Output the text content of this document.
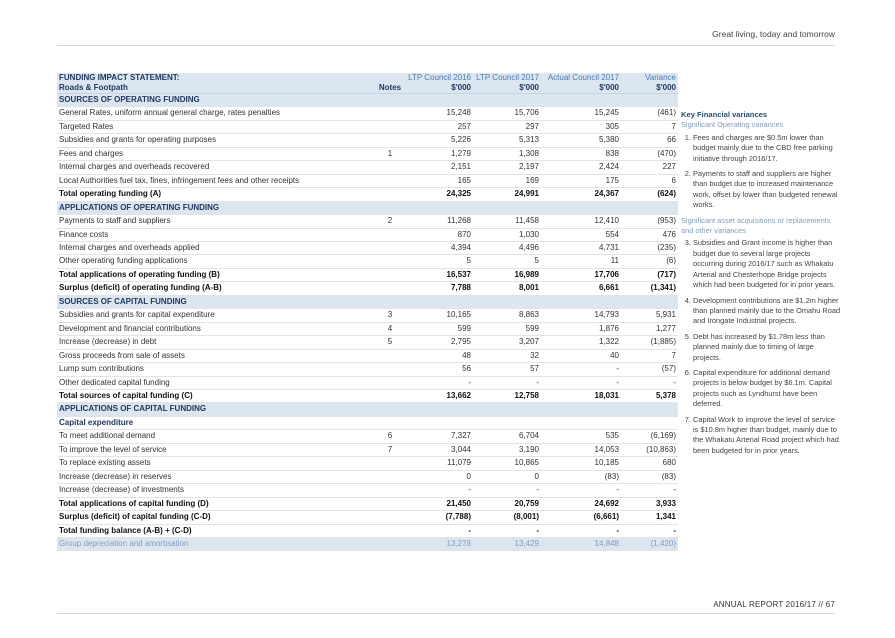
Great living, today and tomorrow
FUNDING IMPACT STATEMENT:		LTP Council 2016	LTP Council 2017	Actual Council 2017	Variance
Roads & Footpath	Notes	$'000	$'000	$'000	$'000
SOURCES OF OPERATING FUNDING					
General Rates, uniform annual general charge, rates penalties		15,248	15,706	15,245	(461)
Targeted Rates		257	297	305	7
Subsidies and grants for operating purposes		5,226	5,313	5,380	66
Fees and charges	1	1,279	1,308	838	(470)
Internal charges and overheads recovered		2,151	2,197	2,424	227
Local Authorities fuel tax, fines, infringement fees and other receipts		165	169	175	6
Total operating funding (A)		24,325	24,991	24,367	(624)
APPLICATIONS OF OPERATING FUNDING					
Payments to staff and suppliers	2	11,268	11,458	12,410	(953)
Finance costs		870	1,030	554	476
Internal charges and overheads applied		4,394	4,496	4,731	(235)
Other operating funding applications		5	5	11	(6)
Total applications of operating funding (B)		16,537	16,989	17,706	(717)
Surplus (deficit) of operating funding (A-B)		7,788	8,001	6,661	(1,341)
SOURCES OF CAPITAL FUNDING					
Subsidies and grants for capital expenditure	3	10,165	8,863	14,793	5,931
Development and financial contributions	4	599	599	1,876	1,277
Increase (decrease) in debt	5	2,795	3,207	1,322	(1,885)
Gross proceeds from sale of assets		48	32	40	7
Lump sum contributions		56	57	-	(57)
Other dedicated capital funding		-	-	-	-
Total sources of capital funding (C)		13,662	12,758	18,031	5,378
APPLICATIONS OF CAPITAL FUNDING					
Capital expenditure					
To meet additional demand	6	7,327	6,704	535	(6,169)
To improve the level of service	7	3,044	3,190	14,053	(10,863)
To replace existing assets		11,079	10,865	10,185	680
Increase (decrease) in reserves		0	0	(83)	(83)
Increase (decrease) of investments		-	-	-	-
Total applications of capital funding (D)		21,450	20,759	24,692	3,933
Surplus (deficit) of capital funding (C-D)		(7,788)	(8,001)	(6,661)	1,341
Total funding balance (A-B) + (C-D)		-	-	-	-
Group depreciation and amortisation		13,278	13,429	14,848	(1,420)
Key Financial variances
Significant Operating variances
1. Fees and charges are $0.5m lower than budget mainly due to the CBD free parking initiative through 2016/17.
2. Payments to staff and suppliers are higher than budget due to increased maintenance work, offset by lower than budgeted renewal works.
Significant asset acquisitions or replacements and other variances
3. Subsidies and Grant income is higher than budget due to several large projects occurring during 2016/17 such as Whakatu Arterial and Chesterhope Bridge projects which had been budgeted for in prior years.
4. Development contributions are $1.2m higher than planned mainly due to the Omahu Road and Irongate Industrial projects.
5. Debt has increased by $1.78m less than planned mainly due to timing of large projects.
6. Capital expenditure for additional demand projects is below budget by $6.1m. Capital projects such as Lyndhurst have been deferred.
7. Capital Work to improve the level of service is $10.8m higher than budget, mainly due to the Whakatu Arterial Road project which had been budgeted for in prior years.
ANNUAL REPORT 2016/17 // 67
